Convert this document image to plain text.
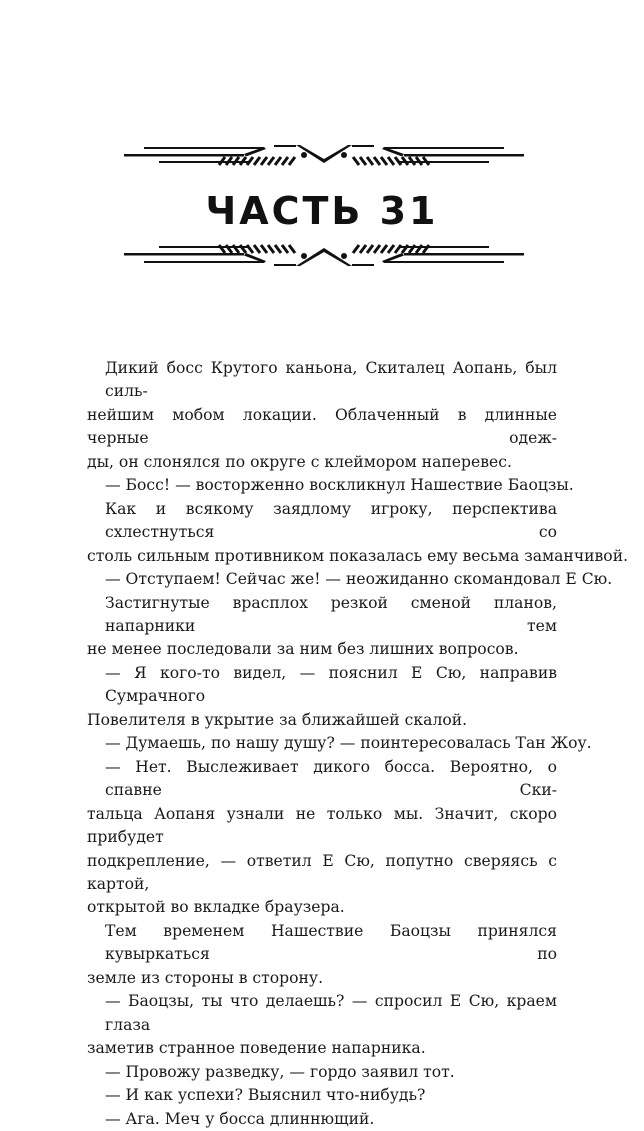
ЧАСТЬ 31

Дикий босс Крутого каньона, Скиталец Аопань, был силь-
нейшим мобом локации. Облаченный в длинные черные одеж-
ды, он слонялся по округе с клеймором наперевес.

— Босс! — восторженно воскликнул Нашествие Баоцзы.

Как и всякому заядлому игроку, перспектива схлестнуться со
столь сильным противником показалась ему весьма заманчивой.

— Отступаем! Сейчас же! — неожиданно скомандовал Е Сю.

Застигнутые врасплох резкой сменой планов, напарники тем
не менее последовали за ним без лишних вопросов.

— Я кого-то видел, — пояснил Е Сю, направив Сумрачного
Повелителя в укрытие за ближайшей скалой.

— Думаешь, по нашу душу? — поинтересовалась Тан Жоу.

— Нет. Выслеживает дикого босса. Вероятно, о спавне Ски-
тальца Аопаня узнали не только мы. Значит, скоро прибудет
подкрепление, — ответил Е Сю, попутно сверяясь с картой,
открытой во вкладке браузера.

Тем временем Нашествие Баоцзы принялся кувыркаться по
земле из стороны в сторону.

— Баоцзы, ты что делаешь? — спросил Е Сю, краем глаза
заметив странное поведение напарника.

— Провожу разведку, — гордо заявил тот.

— И как успехи? Выяснил что-нибудь?

— Ага. Меч у босса длиннющий.
